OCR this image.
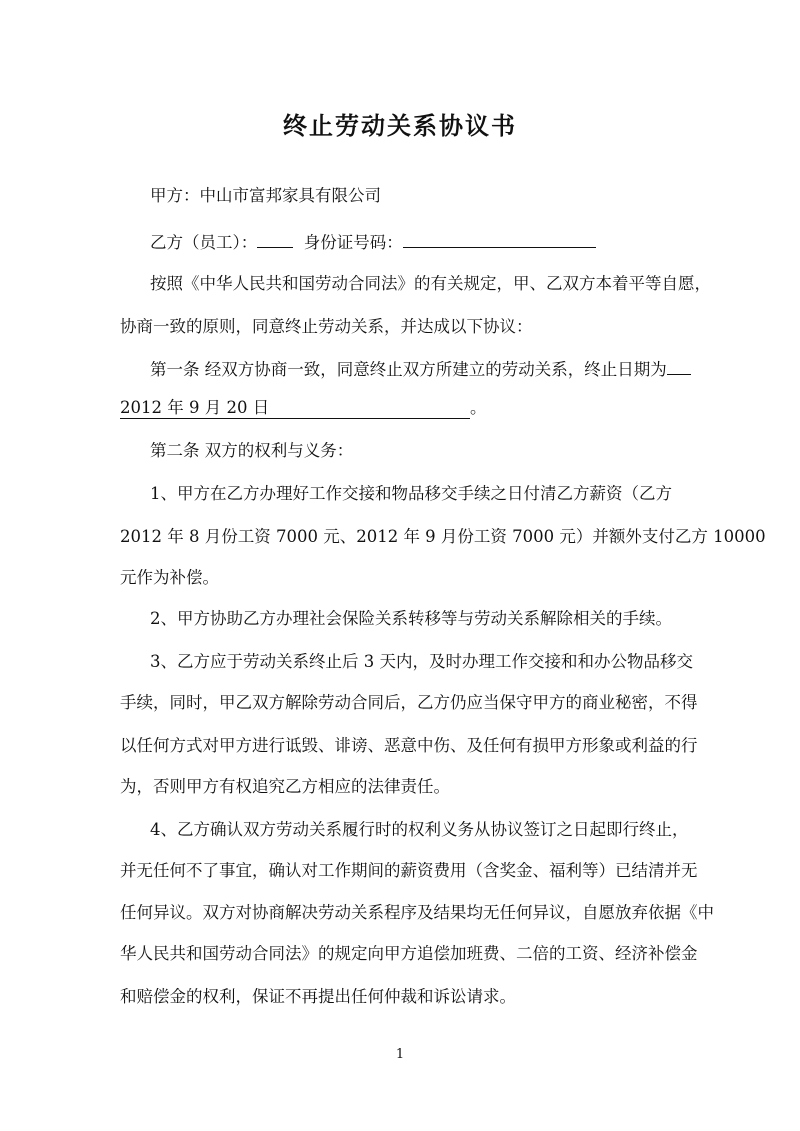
终止劳动关系协议书

甲方：中山市富邦家具有限公司

乙方（员工）：	身份证号码：

按照《中华人民共和国劳动合同法》的有关规定，甲、乙双方本着平等自愿，

协商一致的原则，同意终止劳动关系，并达成以下协议：

第一条 经双方协商一致，同意终止双方所建立的劳动关系，终止日期为

2012 年 9 月 20 日	。

第二条 双方的权利与义务：

1、甲方在乙方办理好工作交接和物品移交手续之日付清乙方薪资（乙方

2012 年 8 月份工资 7000 元、2012 年 9 月份工资 7000 元）并额外支付乙方 10000

元作为补偿。

2、甲方协助乙方办理社会保险关系转移等与劳动关系解除相关的手续。

3、乙方应于劳动关系终止后 3 天内，及时办理工作交接和和办公物品移交

手续，同时，甲乙双方解除劳动合同后，乙方仍应当保守甲方的商业秘密，不得

以任何方式对甲方进行诋毁、诽谤、恶意中伤、及任何有损甲方形象或利益的行

为，否则甲方有权追究乙方相应的法律责任。

4、乙方确认双方劳动关系履行时的权利义务从协议签订之日起即行终止，

并无任何不了事宜，确认对工作期间的薪资费用（含奖金、福利等）已结清并无

任何异议。双方对协商解决劳动关系程序及结果均无任何异议，自愿放弃依据《中

华人民共和国劳动合同法》的规定向甲方追偿加班费、二倍的工资、经济补偿金

和赔偿金的权利，保证不再提出任何仲裁和诉讼请求。

1
